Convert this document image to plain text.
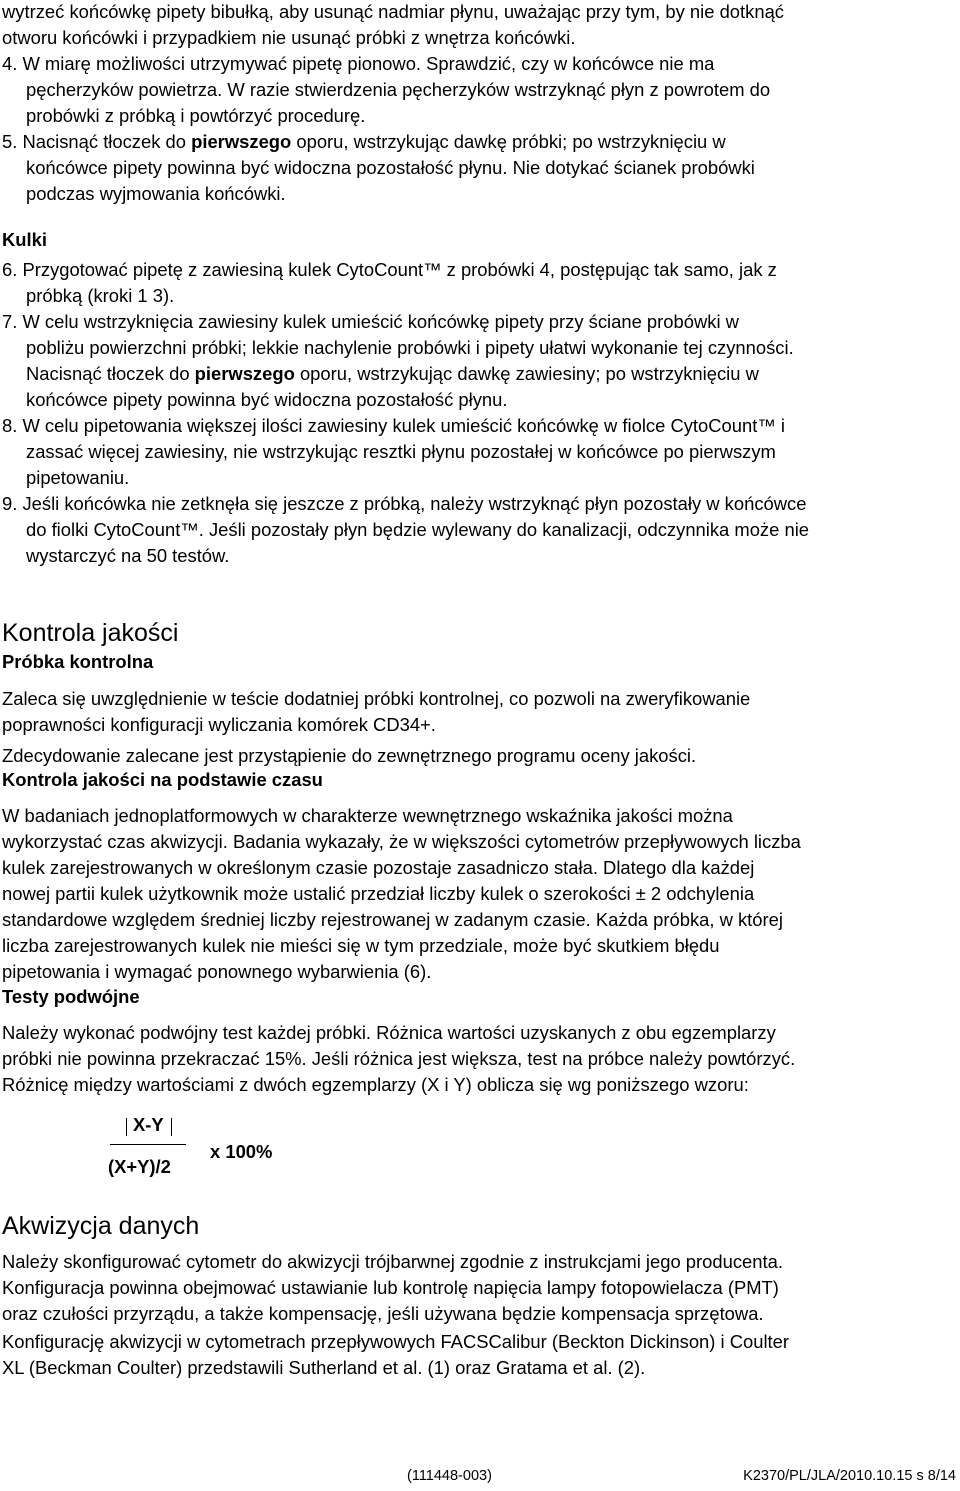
wytrzeć końcówkę pipety bibułką, aby usunąć nadmiar płynu, uważając przy tym, by nie dotknąć
otworu końcówki i przypadkiem nie usunąć próbki z wnętrza końcówki.
4. W miarę możliwości utrzymywać pipetę pionowo. Sprawdzić, czy w końcówce nie ma
pęcherzyków powietrza. W razie stwierdzenia pęcherzyków wstrzyknąć płyn z powrotem do
probówki z próbką i powtórzyć procedurę.
5. Nacisnąć tłoczek do pierwszego oporu, wstrzykując dawkę próbki; po wstrzyknięciu w
końcówce pipety powinna być widoczna pozostałość płynu. Nie dotykać ścianek probówki
podczas wyjmowania końcówki.
Kulki
6. Przygotować pipetę z zawiesiną kulek CytoCount™ z probówki 4, postępując tak samo, jak z
próbką (kroki 1 3).
7. W celu wstrzyknięcia zawiesiny kulek umieścić końcówkę pipety przy ściane probówki w
pobliżu powierzchni próbki; lekkie nachylenie probówki i pipety ułatwi wykonanie tej czynności.
Nacisnąć tłoczek do pierwszego oporu, wstrzykując dawkę zawiesiny; po wstrzyknięciu w
końcówce pipety powinna być widoczna pozostałość płynu.
8. W celu pipetowania większej ilości zawiesiny kulek umieścić końcówkę w fiolce CytoCount™ i
zassać więcej zawiesiny, nie wstrzykując resztki płynu pozostałej w końcówce po pierwszym
pipetowaniu.
9. Jeśli końcówka nie zetknęła się jeszcze z próbką, należy wstrzyknąć płyn pozostały w końcówce
do fiolki CytoCount™. Jeśli pozostały płyn będzie wylewany do kanalizacji, odczynnika może nie
wystarczyć na 50 testów.
Kontrola jakości
Próbka kontrolna
Zaleca się uwzględnienie w teście dodatniej próbki kontrolnej, co pozwoli na zweryfikowanie
poprawności konfiguracji wyliczania komórek CD34+.
Zdecydowanie zalecane jest przystąpienie do zewnętrznego programu oceny jakości.
Kontrola jakości na podstawie czasu
W badaniach jednoplatformowych w charakterze wewnętrznego wskaźnika jakości można
wykorzystać czas akwizycji. Badania wykazały, że w większości cytometrów przepływowych liczba
kulek zarejestrowanych w określonym czasie pozostaje zasadniczo stała. Dlatego dla każdej
nowej partii kulek użytkownik może ustalić przedział liczby kulek o szerokości ± 2 odchylenia
standardowe względem średniej liczby rejestrowanej w zadanym czasie. Każda próbka, w której
liczba zarejestrowanych kulek nie mieści się w tym przedziale, może być skutkiem błędu
pipetowania i wymagać ponownego wybarwienia (6).
Testy podwójne
Należy wykonać podwójny test każdej próbki. Różnica wartości uzyskanych z obu egzemplarzy
próbki nie powinna przekraczać 15%. Jeśli różnica jest większa, test na próbce należy powtórzyć.
Różnicę między wartościami z dwóch egzemplarzy (X i Y) oblicza się wg poniższego wzoru:
X-Y
(X+Y)/2
x 100%
Akwizycja danych
Należy skonfigurować cytometr do akwizycji trójbarwnej zgodnie z instrukcjami jego producenta.
Konfiguracja powinna obejmować ustawianie lub kontrolę napięcia lampy fotopowielacza (PMT)
oraz czułości przyrządu, a także kompensację, jeśli używana będzie kompensacja sprzętowa.
Konfigurację akwizycji w cytometrach przepływowych FACSCalibur (Beckton Dickinson) i Coulter
XL (Beckman Coulter) przedstawili Sutherland et al. (1) oraz Gratama et al. (2).
(111448-003)	K2370/PL/JLA/2010.10.15 s 8/14
